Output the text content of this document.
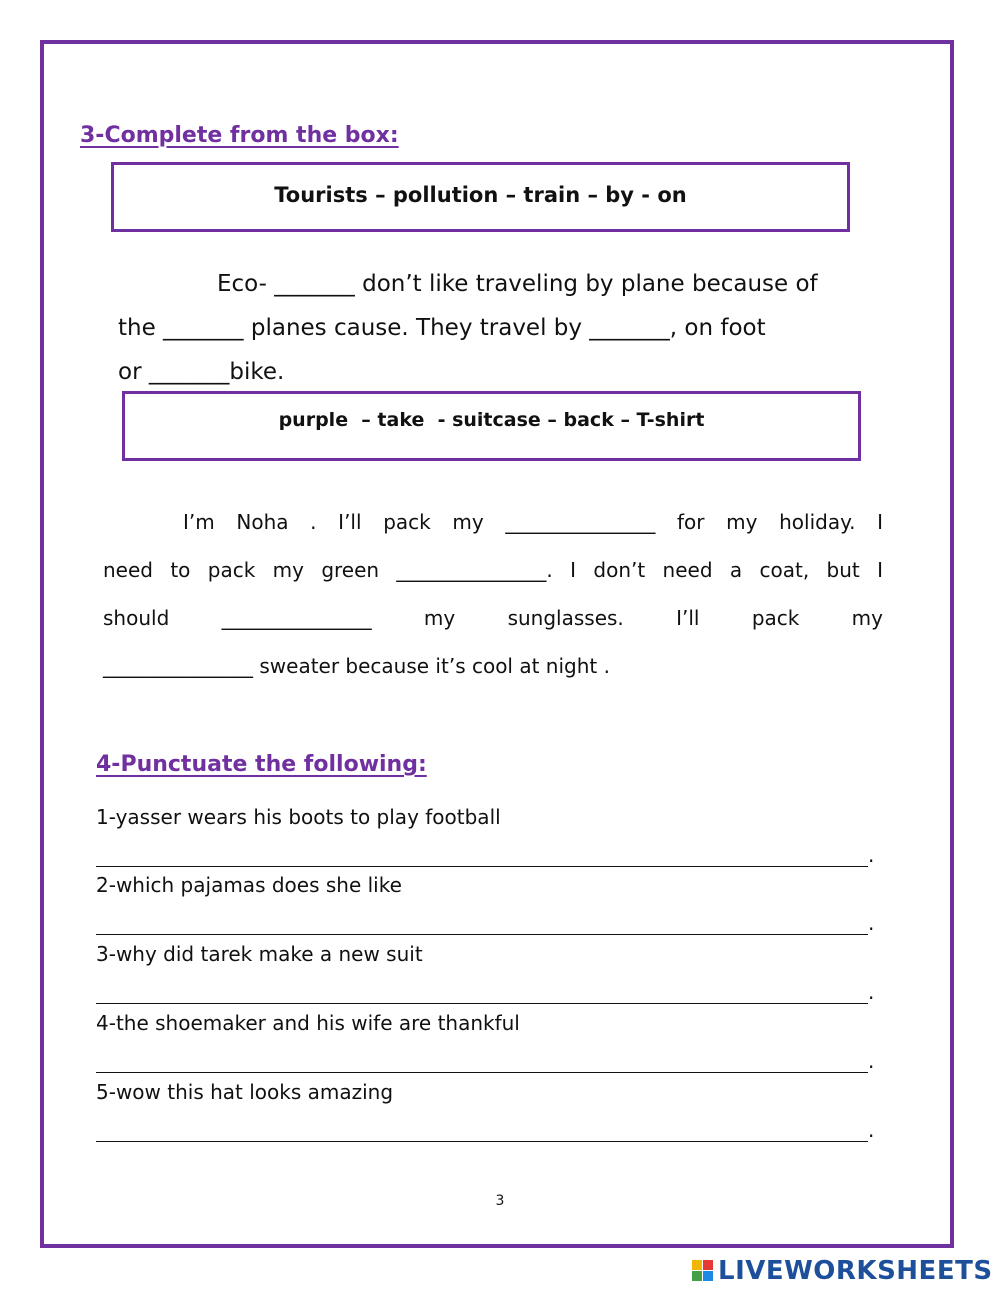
3-Complete from the box:
Tourists – pollution – train – by - on
Eco- _______ don’t like traveling by plane because of
the _______ planes cause. They travel by _______, on foot
or _______bike.
purple  – take  - suitcase – back – T-shirt
I’m Noha . I’ll pack my _______________ for my holiday. I
need to pack my green _______________. I don’t need a coat, but I
should _______________ my sunglasses. I’ll pack my
_______________ sweater because it’s cool at night .
4-Punctuate the following:
1-yasser wears his boots to play football
.
2-which pajamas does she like
.
3-why did tarek make a new suit
.
4-the shoemaker and his wife are thankful
.
5-wow this hat looks amazing
.
3
LIVEWORKSHEETS
